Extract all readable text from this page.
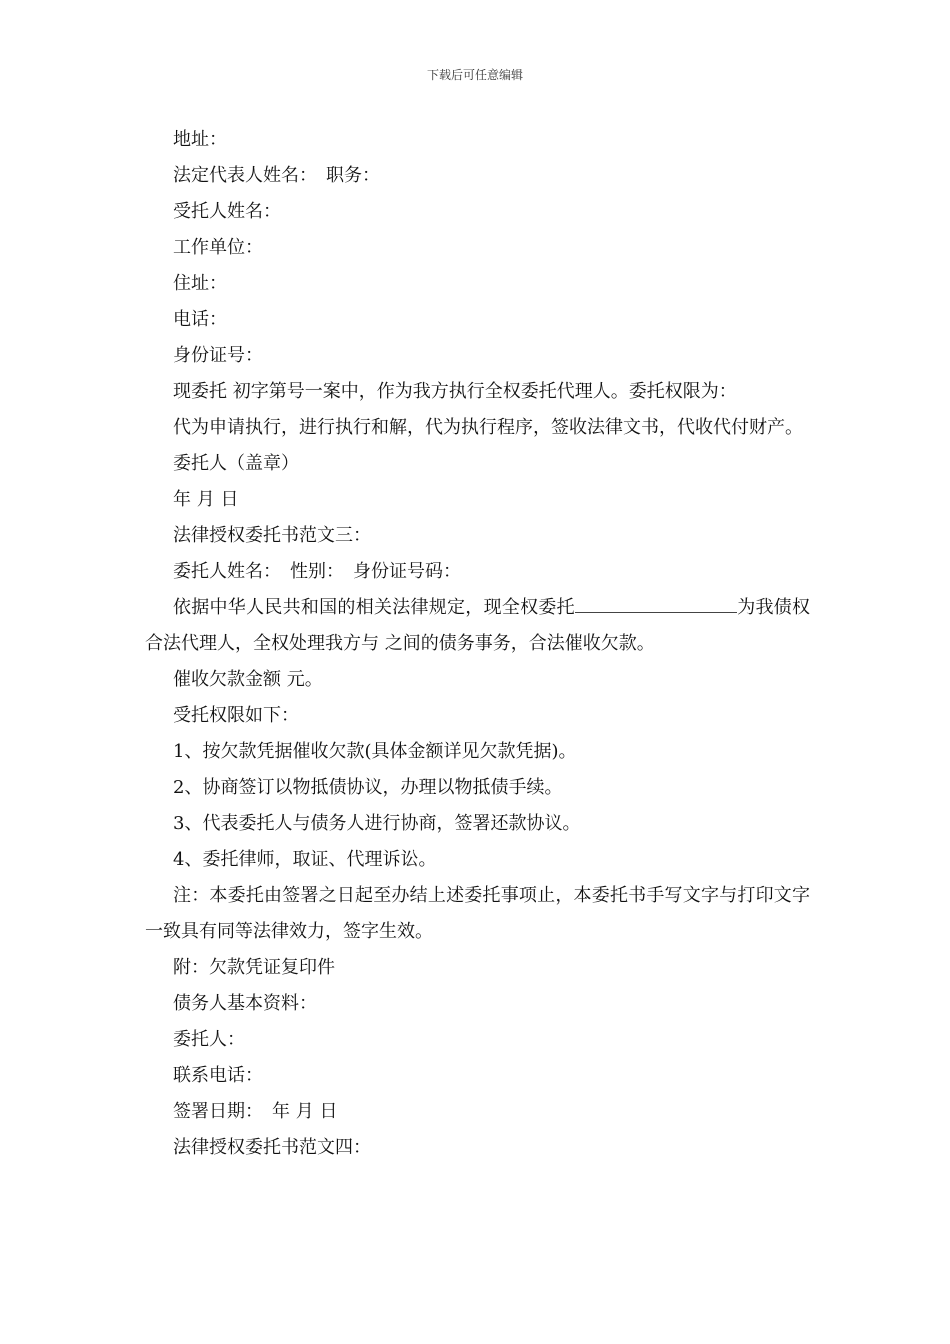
下载后可任意编辑
地址：
法定代表人姓名：　职务：
受托人姓名：
工作单位：
住址：
电话：
身份证号：
现委托 初字第号一案中，作为我方执行全权委托代理人。委托权限为：
代为申请执行，进行执行和解，代为执行程序，签收法律文书，代收代付财产。
委托人（盖章）
年 月 日
法律授权委托书范文三：
委托人姓名：　性别：　身份证号码：
依据中华人民共和国的相关法律规定，现全权委托	为我债权合法代理人，全权处理我方与 之间的债务事务，合法催收欠款。
催收欠款金额 元。
受托权限如下：
1、按欠款凭据催收欠款(具体金额详见欠款凭据)。
2、协商签订以物抵债协议，办理以物抵债手续。
3、代表委托人与债务人进行协商，签署还款协议。
4、委托律师，取证、代理诉讼。
注：本委托由签署之日起至办结上述委托事项止，本委托书手写文字与打印文字一致具有同等法律效力，签字生效。
附：欠款凭证复印件
债务人基本资料：
委托人：
联系电话：
签署日期：　年 月 日
法律授权委托书范文四：
